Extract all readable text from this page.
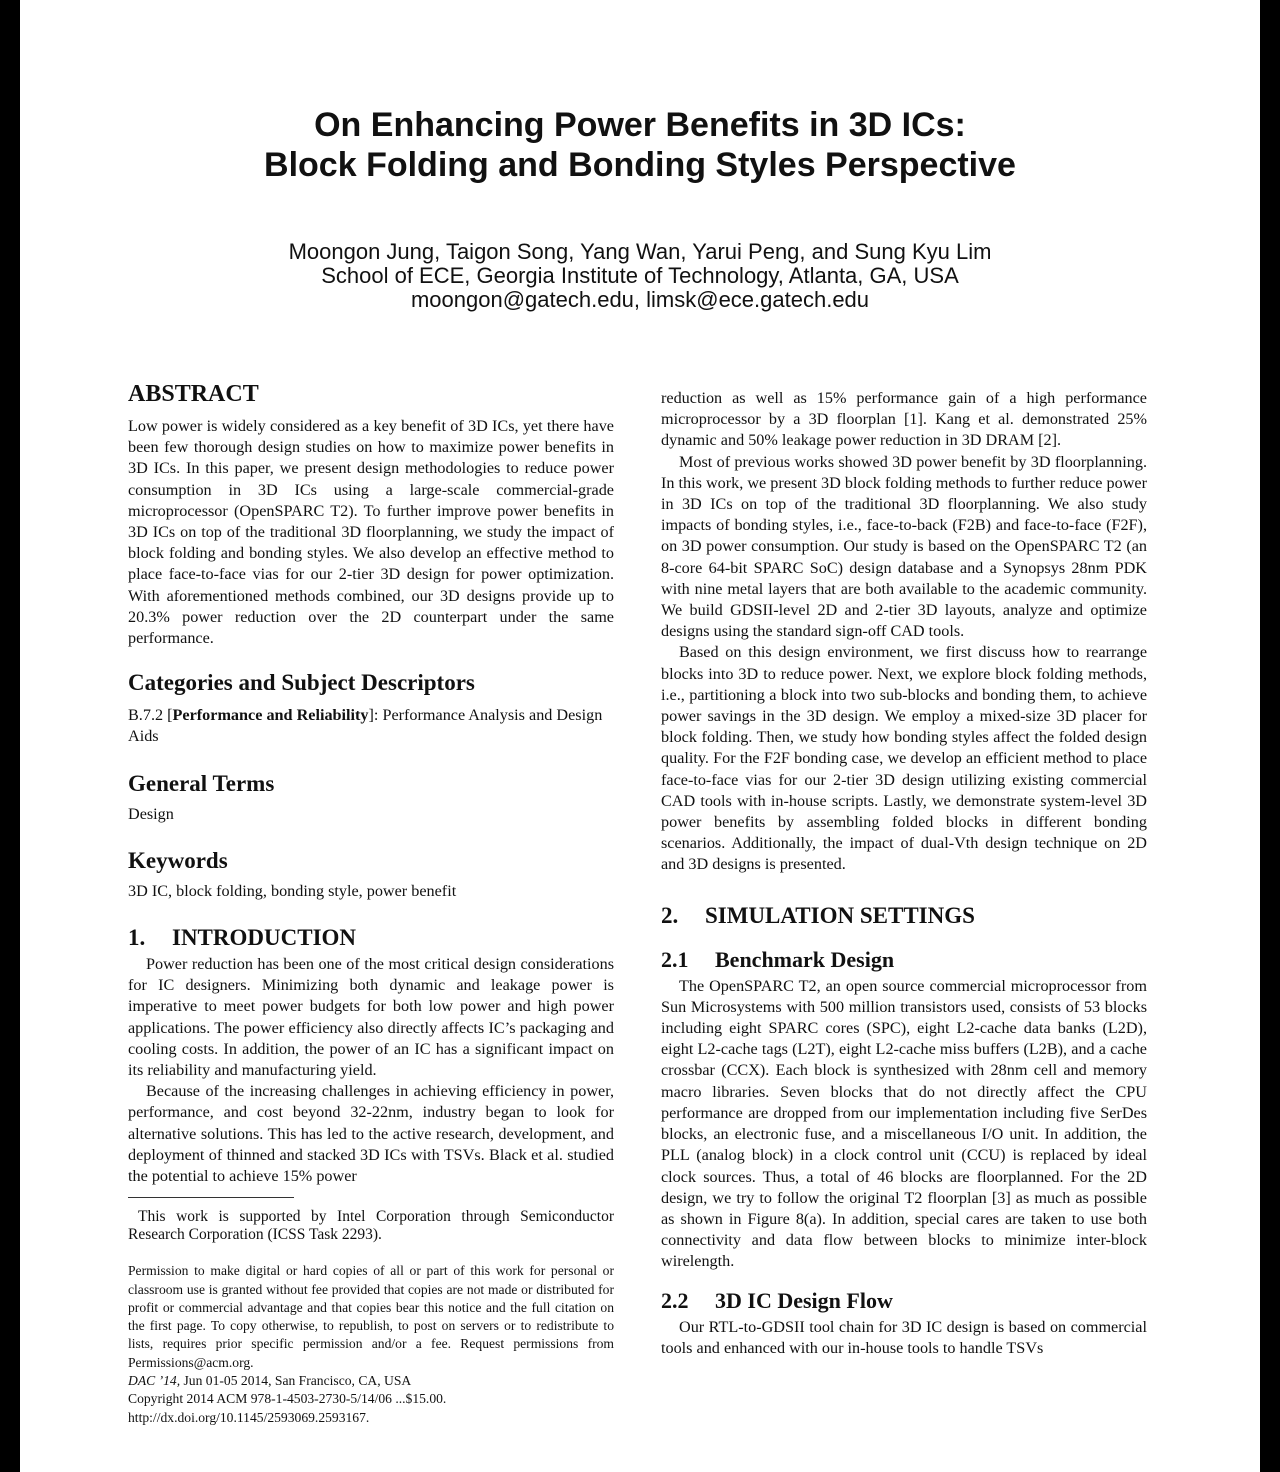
On Enhancing Power Benefits in 3D ICs:
Block Folding and Bonding Styles Perspective
Moongon Jung, Taigon Song, Yang Wan, Yarui Peng, and Sung Kyu Lim
School of ECE, Georgia Institute of Technology, Atlanta, GA, USA
moongon@gatech.edu, limsk@ece.gatech.edu
ABSTRACT

Low power is widely considered as a key benefit of 3D ICs, yet there have been few thorough design studies on how to maximize power benefits in 3D ICs. In this paper, we present design methodologies to reduce power consumption in 3D ICs using a large-scale commercial-grade microprocessor (OpenSPARC T2). To further improve power benefits in 3D ICs on top of the traditional 3D floorplanning, we study the impact of block folding and bonding styles. We also develop an effective method to place face-to-face vias for our 2-tier 3D design for power optimization. With aforementioned methods combined, our 3D designs provide up to 20.3% power reduction over the 2D counterpart under the same performance.

Categories and Subject Descriptors

B.7.2 [Performance and Reliability]: Performance Analysis and Design Aids

General Terms

Design

Keywords

3D IC, block folding, bonding style, power benefit

1. INTRODUCTION

Power reduction has been one of the most critical design considerations for IC designers. Minimizing both dynamic and leakage power is imperative to meet power budgets for both low power and high power applications. The power efficiency also directly affects IC’s packaging and cooling costs. In addition, the power of an IC has a significant impact on its reliability and manufacturing yield.

Because of the increasing challenges in achieving efficiency in power, performance, and cost beyond 32-22nm, industry began to look for alternative solutions. This has led to the active research, development, and deployment of thinned and stacked 3D ICs with TSVs. Black et al. studied the potential to achieve 15% power

This work is supported by Intel Corporation through Semiconductor Research Corporation (ICSS Task 2293).

Permission to make digital or hard copies of all or part of this work for personal or classroom use is granted without fee provided that copies are not made or distributed for profit or commercial advantage and that copies bear this notice and the full citation on the first page. To copy otherwise, to republish, to post on servers or to redistribute to lists, requires prior specific permission and/or a fee. Request permissions from Permissions@acm.org.

DAC ’14, Jun 01-05 2014, San Francisco, CA, USA

Copyright 2014 ACM 978-1-4503-2730-5/14/06 ...$15.00.

http://dx.doi.org/10.1145/2593069.2593167.

reduction as well as 15% performance gain of a high performance microprocessor by a 3D floorplan [1]. Kang et al. demonstrated 25% dynamic and 50% leakage power reduction in 3D DRAM [2].

Most of previous works showed 3D power benefit by 3D floorplanning. In this work, we present 3D block folding methods to further reduce power in 3D ICs on top of the traditional 3D floorplanning. We also study impacts of bonding styles, i.e., face-to-back (F2B) and face-to-face (F2F), on 3D power consumption. Our study is based on the OpenSPARC T2 (an 8-core 64-bit SPARC SoC) design database and a Synopsys 28nm PDK with nine metal layers that are both available to the academic community. We build GDSII-level 2D and 2-tier 3D layouts, analyze and optimize designs using the standard sign-off CAD tools.

Based on this design environment, we first discuss how to rearrange blocks into 3D to reduce power. Next, we explore block folding methods, i.e., partitioning a block into two sub-blocks and bonding them, to achieve power savings in the 3D design. We employ a mixed-size 3D placer for block folding. Then, we study how bonding styles affect the folded design quality. For the F2F bonding case, we develop an efficient method to place face-to-face vias for our 2-tier 3D design utilizing existing commercial CAD tools with in-house scripts. Lastly, we demonstrate system-level 3D power benefits by assembling folded blocks in different bonding scenarios. Additionally, the impact of dual-Vth design technique on 2D and 3D designs is presented.

2. SIMULATION SETTINGS
2.1 Benchmark Design

The OpenSPARC T2, an open source commercial microprocessor from Sun Microsystems with 500 million transistors used, consists of 53 blocks including eight SPARC cores (SPC), eight L2-cache data banks (L2D), eight L2-cache tags (L2T), eight L2-cache miss buffers (L2B), and a cache crossbar (CCX). Each block is synthesized with 28nm cell and memory macro libraries. Seven blocks that do not directly affect the CPU performance are dropped from our implementation including five SerDes blocks, an electronic fuse, and a miscellaneous I/O unit. In addition, the PLL (analog block) in a clock control unit (CCU) is replaced by ideal clock sources. Thus, a total of 46 blocks are floorplanned. For the 2D design, we try to follow the original T2 floorplan [3] as much as possible as shown in Figure 8(a). In addition, special cares are taken to use both connectivity and data flow between blocks to minimize inter-block wirelength.

2.2 3D IC Design Flow

Our RTL-to-GDSII tool chain for 3D IC design is based on commercial tools and enhanced with our in-house tools to handle TSVs
